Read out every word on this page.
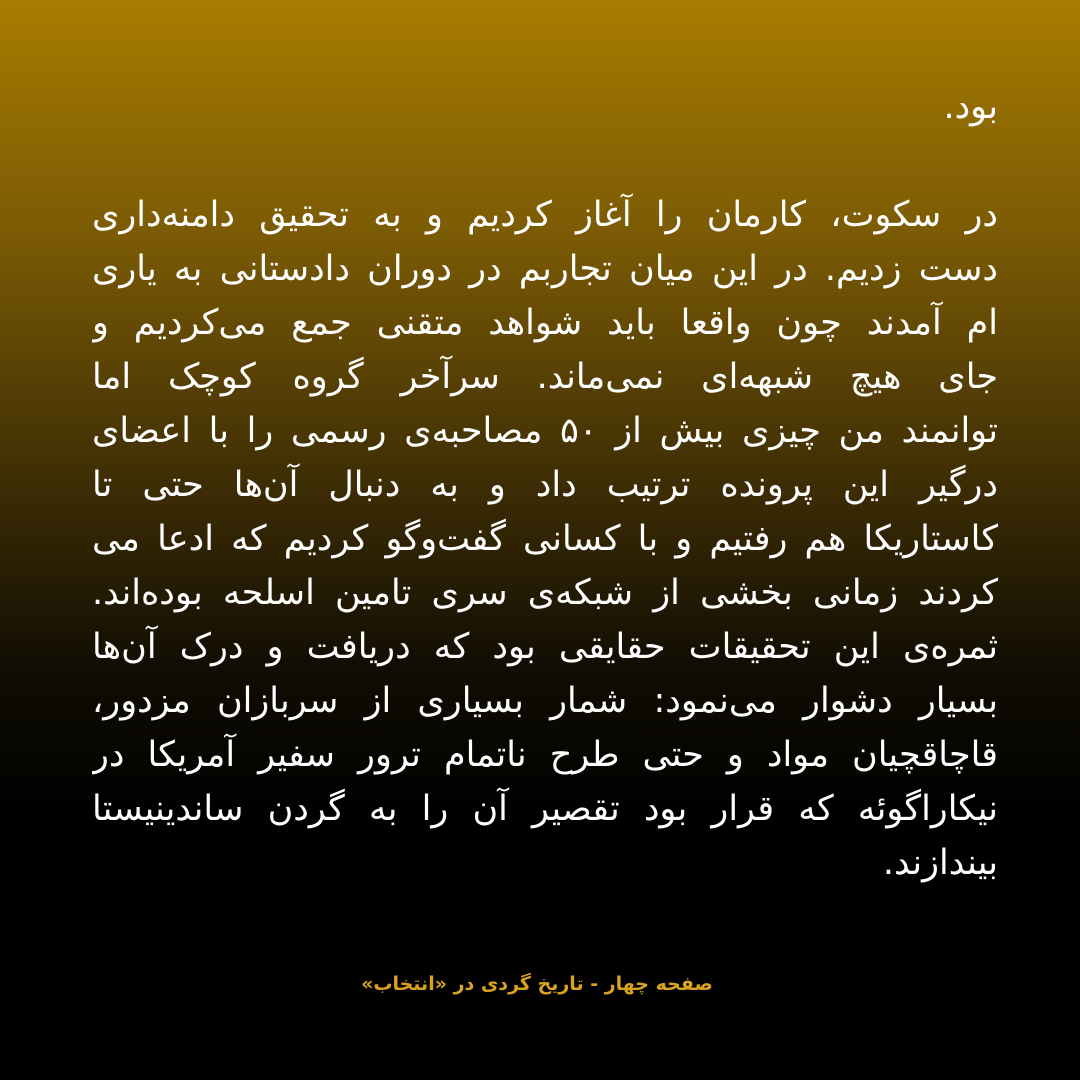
بود.
در سکوت، کارمان را آغاز کردیم و به تحقیق دامنه‌داری
دست زدیم. در این میان تجاربم در دوران دادستانی به یاری
ام آمدند چون واقعا باید شواهد متقنی جمع می‌کردیم و
جای هیچ شبهه‌ای نمی‌ماند. سرآخر گروه کوچک اما
توانمند من چیزی بیش از ۵۰ مصاحبه‌ی رسمی را با اعضای
درگیر این پرونده ترتیب داد و به دنبال آن‌ها حتی تا
کاستاریکا هم رفتیم و با کسانی گفت‌وگو کردیم که ادعا می
کردند زمانی بخشی از شبکه‌ی سری تامین اسلحه بوده‌اند.
ثمره‌ی این تحقیقات حقایقی بود که دریافت و درک آن‌ها
بسیار دشوار می‌نمود: شمار بسیاری از سربازان مزدور،
قاچاقچیان مواد و حتی طرح ناتمام ترور سفیر آمریکا در
نیکاراگوئه که قرار بود تقصیر آن را به گردن ساندینیستا
بیندازند.
صفحه چهار - تاریخ گردی در «انتخاب»
